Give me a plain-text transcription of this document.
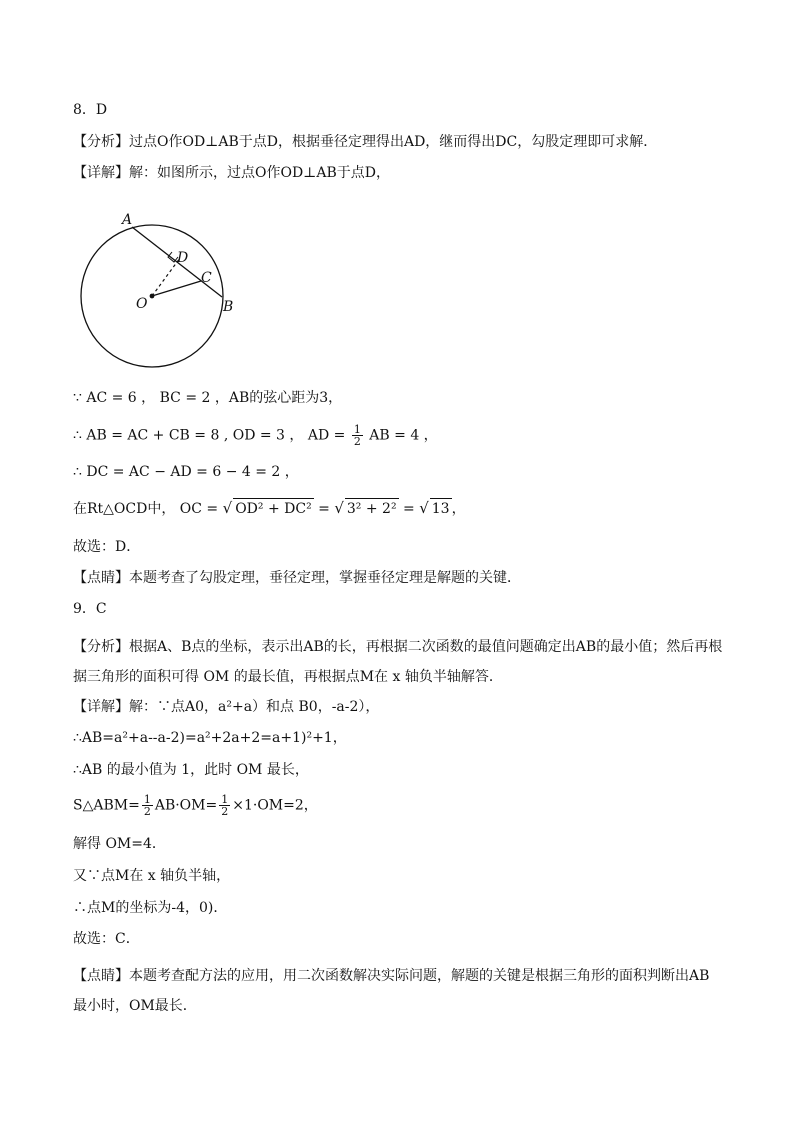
8．D
【分析】过点O作OD⊥AB于点D，根据垂径定理得出AD，继而得出DC，勾股定理即可求解．
【详解】解：如图所示，过点O作OD⊥AB于点D，
A
D
C
O	B
∵ AC = 6 ， BC = 2 ，AB的弦心距为3，
∴ AB = AC + CB = 8 , OD = 3 ， AD = $\frac{1}{2}$ AB = 4 ，
∴ DC = AC − AD = 6 − 4 = 2 ，
在Rt△OCD中， OC = √ OD² + DC² = √ 3² + 2² = √ 13 ，
故选：D．
【点睛】本题考查了勾股定理，垂径定理，掌握垂径定理是解题的关键．
9．C
【分析】根据A、B点的坐标，表示出AB的长，再根据二次函数的最值问题确定出AB的最小值；然后再根据三角形的面积可得 OM 的最长值，再根据点M在 x 轴负半轴解答．
【详解】解：∵点A0，a²+a）和点 B0，-a-2），
∴AB=a²+a--a-2)=a²+2a+2=a+1)²+1，
∴AB 的最小值为 1，此时 OM 最长，
S△ABM= $\frac{1}{2} AB\cdot OM= \frac{1}{2} \times 1\cdot OM=2$，
解得 OM=4．
又∵点M在 x 轴负半轴，
∴点M的坐标为-4，0)．
故选：C．
【点睛】本题考查配方法的应用，用二次函数解决实际问题，解题的关键是根据三角形的面积判断出AB最小时，OM最长．
